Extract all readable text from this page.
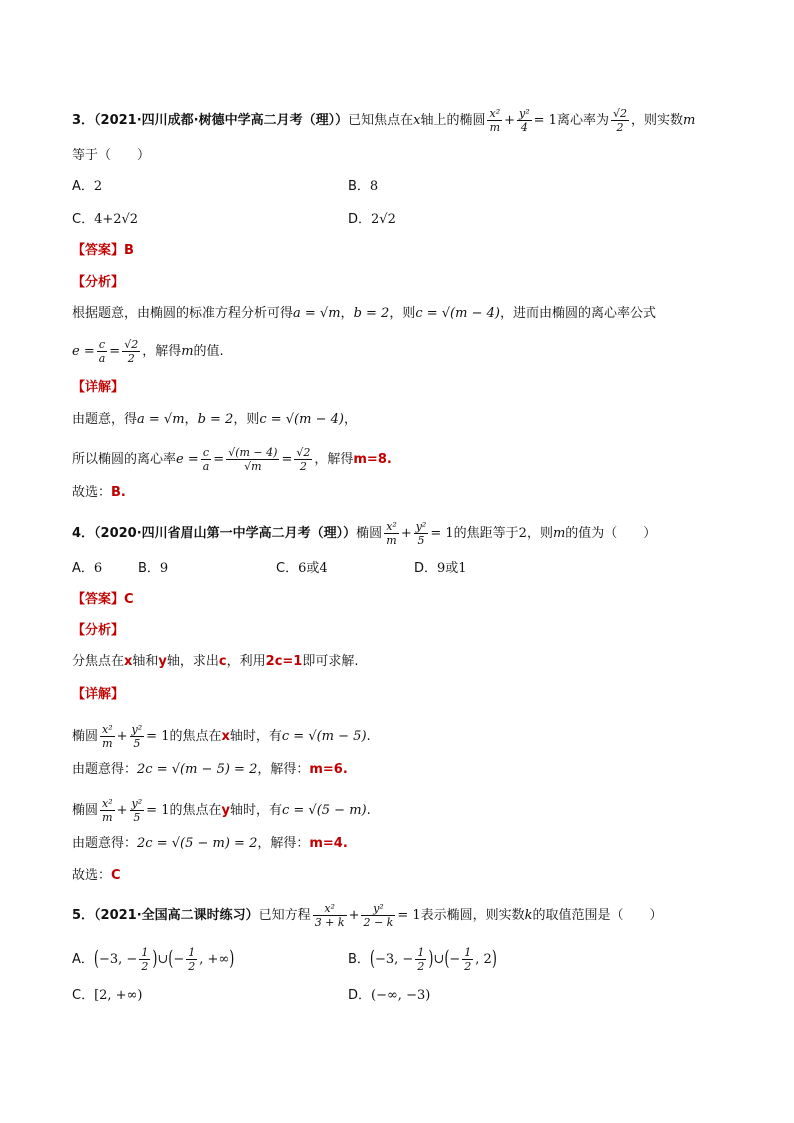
3．（2021·四川成都·树德中学高二月考（理））已知焦点在x轴上的椭圆 $\frac{\text{x²}}{m} + \frac{\text{y²}}{4} = 1$离心率为 $\frac{√2}{2}$ ，则实数m
等于（　　）
A．2	B．8
C．4+2√2	D．2√2
【答案】B
【分析】
根据题意，由椭圆的标准方程分析可得a = √m，b = 2，则c = √(m − 4)，进而由椭圆的离心率公式
$e = \frac{c}{a} = \frac{√2}{2}$ ，解得m的值.
【详解】
由题意，得a = √m，b = 2，则c = √(m − 4)，
所以椭圆的离心率$e = \frac{c}{a} = \frac{√(m - 4)}{√m} = \frac{√2}{2}$ ，解得m=8.
故选：B.
4．（2020·四川省眉山第一中学高二月考（理））椭圆 $\frac{\text{x²}}{m} + \frac{\text{y²}}{5} = 1$的焦距等于2，则m的值为（　　）
A．6	B．9	C．6或4	D．9或1
【答案】C
【分析】
分焦点在x轴和y轴，求出c，利用2c=1即可求解.
【详解】
椭圆 $\frac{\text{x²}}{m} + \frac{\text{y²}}{5} = 1$的焦点在x轴时，有c = √(m − 5).
由题意得：2c = √(m − 5) = 2，解得：m=6.
椭圆 $\frac{\text{x²}}{m} + \frac{\text{y²}}{5} = 1$的焦点在y轴时，有c = √(5 − m).
由题意得：2c = √(5 − m) = 2，解得：m=4.
故选：C
5．（2021·全国高二课时练习）已知方程 $\frac{\text{x²}}{3 + k} + \frac{\text{y²}}{2 - k} = 1$表示椭圆，则实数k的取值范围是（　　）
A．(−3, − $\frac{1}{2}$ )∪(− $\frac{1}{2}$ , +∞)	B．(−3, − $\frac{1}{2}$ )∪(− $\frac{1}{2}$ , 2)
C．[2, +∞)	D．(−∞, −3)
